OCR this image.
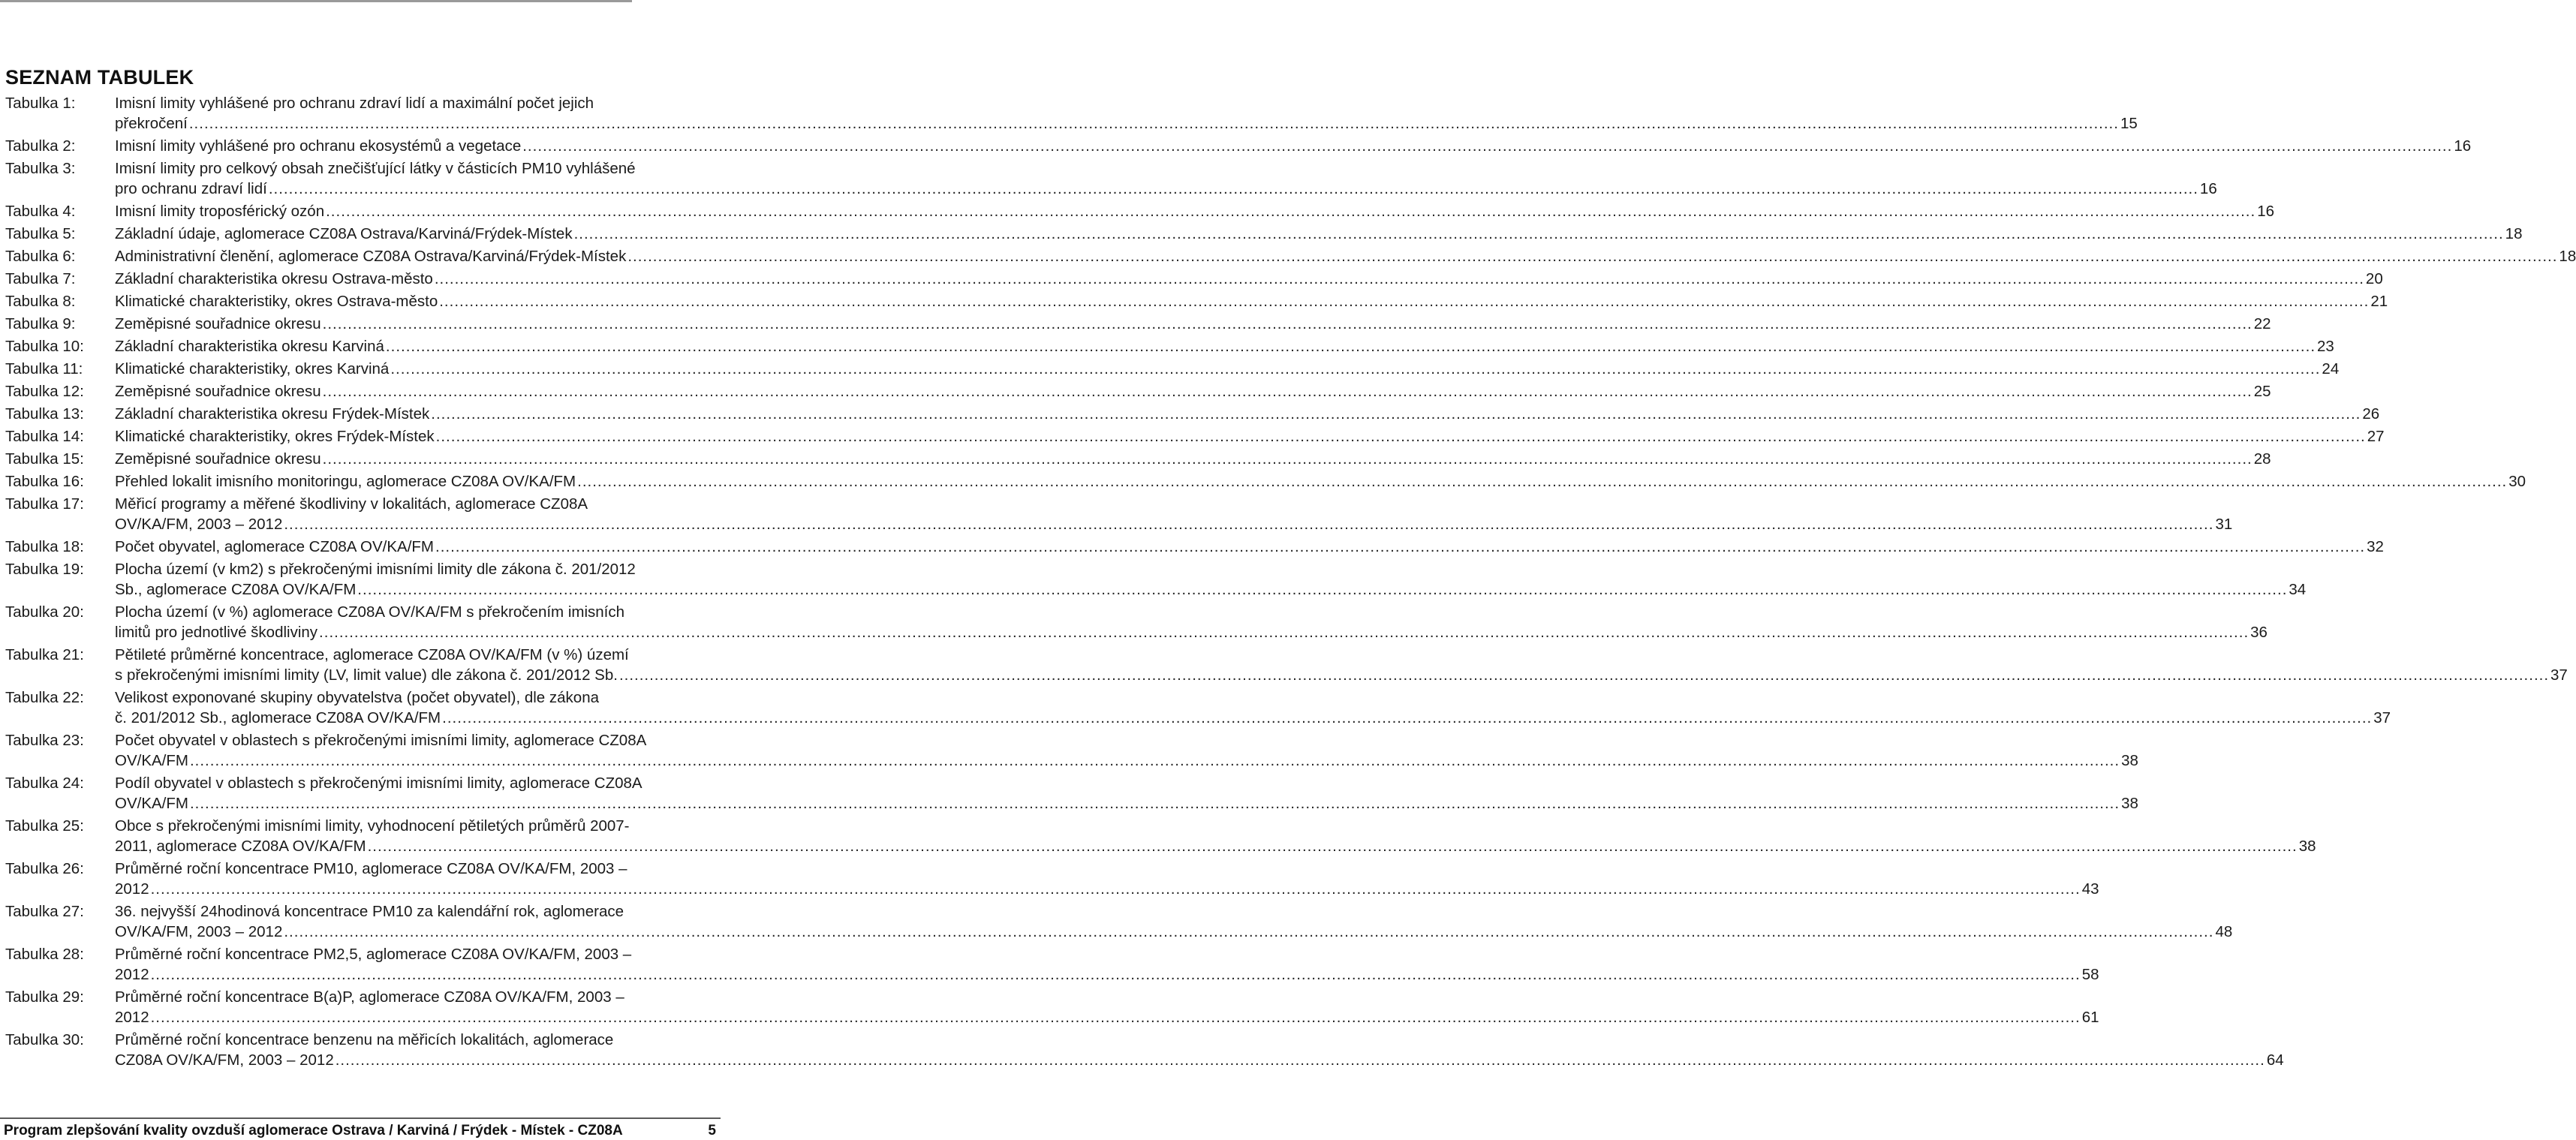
SEZNAM TABULEK
Tabulka 1:	Imisní limity vyhlášené pro ochranu zdraví lidí a maximální počet jejich
překročení .....	15
Tabulka 2:	Imisní limity vyhlášené pro ochranu ekosystémů a vegetace .....	16
Tabulka 3:	Imisní limity pro celkový obsah znečišťující látky v částicích PM10 vyhlášené
pro ochranu zdraví lidí .....	16
Tabulka 4:	Imisní limity troposférický ozón .....	16
Tabulka 5:	Základní údaje, aglomerace CZ08A Ostrava/Karviná/Frýdek-Místek .....	18
Tabulka 6:	Administrativní členění, aglomerace CZ08A Ostrava/Karviná/Frýdek-Místek .....	18
Tabulka 7:	Základní charakteristika okresu Ostrava-město .....	20
Tabulka 8:	Klimatické charakteristiky, okres Ostrava-město .....	21
Tabulka 9:	Zeměpisné souřadnice okresu .....	22
Tabulka 10:	Základní charakteristika okresu Karviná .....	23
Tabulka 11:	Klimatické charakteristiky, okres Karviná .....	24
Tabulka 12:	Zeměpisné souřadnice okresu .....	25
Tabulka 13:	Základní charakteristika okresu Frýdek-Místek .....	26
Tabulka 14:	Klimatické charakteristiky, okres Frýdek-Místek .....	27
Tabulka 15:	Zeměpisné souřadnice okresu .....	28
Tabulka 16:	Přehled lokalit imisního monitoringu, aglomerace CZ08A OV/KA/FM .....	30
Tabulka 17:	Měřicí programy a měřené škodliviny v lokalitách, aglomerace CZ08A
OV/KA/FM, 2003 – 2012 .....	31
Tabulka 18:	Počet obyvatel, aglomerace CZ08A OV/KA/FM .....	32
Tabulka 19:	Plocha území (v km2) s překročenými imisními limity dle zákona č. 201/2012
Sb., aglomerace CZ08A OV/KA/FM .....	34
Tabulka 20:	Plocha území (v %) aglomerace CZ08A OV/KA/FM s překročením imisních
limitů pro jednotlivé škodliviny .....	36
Tabulka 21:	Pětileté průměrné koncentrace, aglomerace CZ08A OV/KA/FM (v %) území
s překročenými imisními limity (LV, limit value) dle zákona č. 201/2012 Sb. .....	37
Tabulka 22:	Velikost exponované skupiny obyvatelstva (počet obyvatel), dle zákona
č. 201/2012 Sb., aglomerace CZ08A OV/KA/FM .....	37
Tabulka 23:	Počet obyvatel v oblastech s překročenými imisními limity, aglomerace CZ08A
OV/KA/FM .....	38
Tabulka 24:	Podíl obyvatel v oblastech s překročenými imisními limity, aglomerace CZ08A
OV/KA/FM .....	38
Tabulka 25:	Obce s překročenými imisními limity, vyhodnocení pětiletých průměrů 2007-
2011, aglomerace CZ08A OV/KA/FM .....	38
Tabulka 26:	Průměrné roční koncentrace PM10, aglomerace CZ08A OV/KA/FM, 2003 –
2012 .....	43
Tabulka 27:	36. nejvyšší 24hodinová koncentrace PM10 za kalendářní rok, aglomerace
OV/KA/FM, 2003 – 2012 .....	48
Tabulka 28:	Průměrné roční koncentrace PM2,5, aglomerace CZ08A OV/KA/FM, 2003 –
2012 .....	58
Tabulka 29:	Průměrné roční koncentrace B(a)P, aglomerace CZ08A OV/KA/FM, 2003 –
2012 .....	61
Tabulka 30:	Průměrné roční koncentrace benzenu na měřicích lokalitách, aglomerace
CZ08A OV/KA/FM, 2003 – 2012 .....	64
Program zlepšování kvality ovzduší aglomerace Ostrava / Karviná / Frýdek - Místek - CZ08A	5
